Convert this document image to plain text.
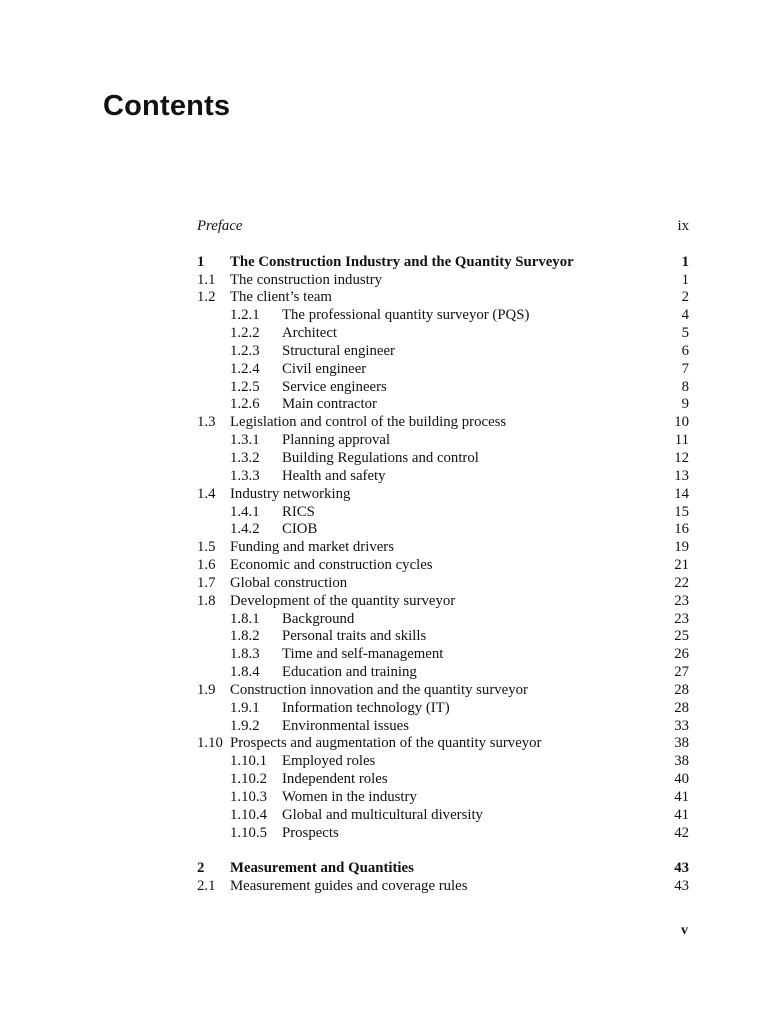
Contents
Preface	ix
1 The Construction Industry and the Quantity Surveyor	1
1.1 The construction industry	1
1.2 The client’s team	2
1.2.1 The professional quantity surveyor (PQS)	4
1.2.2 Architect	5
1.2.3 Structural engineer	6
1.2.4 Civil engineer	7
1.2.5 Service engineers	8
1.2.6 Main contractor	9
1.3 Legislation and control of the building process	10
1.3.1 Planning approval	11
1.3.2 Building Regulations and control	12
1.3.3 Health and safety	13
1.4 Industry networking	14
1.4.1 RICS	15
1.4.2 CIOB	16
1.5 Funding and market drivers	19
1.6 Economic and construction cycles	21
1.7 Global construction	22
1.8 Development of the quantity surveyor	23
1.8.1 Background	23
1.8.2 Personal traits and skills	25
1.8.3 Time and self-management	26
1.8.4 Education and training	27
1.9 Construction innovation and the quantity surveyor	28
1.9.1 Information technology (IT)	28
1.9.2 Environmental issues	33
1.10 Prospects and augmentation of the quantity surveyor	38
1.10.1 Employed roles	38
1.10.2 Independent roles	40
1.10.3 Women in the industry	41
1.10.4 Global and multicultural diversity	41
1.10.5 Prospects	42
2 Measurement and Quantities	43
2.1 Measurement guides and coverage rules	43
v
